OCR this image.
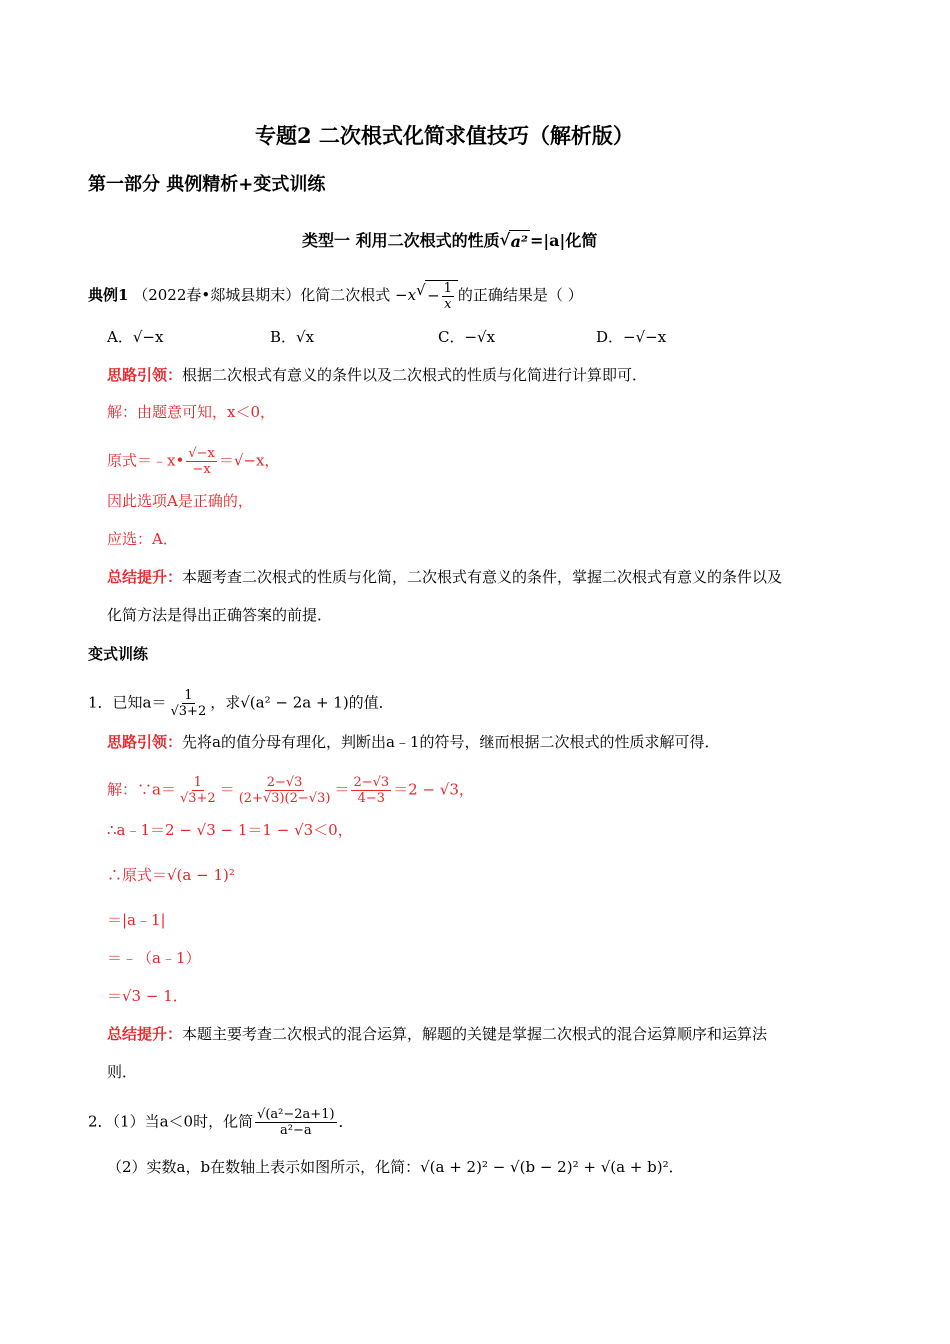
专题2 二次根式化简求值技巧（解析版）
第一部分 典例精析+变式训练
类型一 利用二次根式的性质√ a² =|a|化简
典例1 （2022春•郯城县期末）化简二次根式 $-x√ - \frac{1}{x}$ 的正确结果是（ ）
A．√−x	B．√x	C．−√x	D．−√−x
思路引领：根据二次根式有意义的条件以及二次根式的性质与化简进行计算即可．
解：由题意可知，x＜0，
原式＝﹣x• $\frac{√-x}{-x} =√-x$，
因此选项A是正确的，
应选：A．
总结提升：本题考查二次根式的性质与化简，二次根式有意义的条件，掌握二次根式有意义的条件以及
化简方法是得出正确答案的前提．
变式训练
1．已知$a= \frac{1}{√3+2}$ ，求√(a² − 2a + 1)的值．
思路引领：先将a的值分母有理化，判断出a﹣1的符号，继而根据二次根式的性质求解可得．
解：∵a＝ $\frac{1}{√3+2} = \frac{2-√3}{(2+√3)(2-√3)} = \frac{2-√3}{4-3} =2 - √3$，
∴a﹣1＝2 − √3 − 1＝1 − √3＜0，
∴原式＝√(a − 1)²
＝|a﹣1|
＝﹣（a﹣1）
＝√3 − 1．
总结提升：本题主要考查二次根式的混合运算，解题的关键是掌握二次根式的混合运算顺序和运算法
则．
2．（1）当a＜0时，化简 $\frac{\text{√(a²−2a+1)}}{\text{a²−a}}$ ．
（2）实数a，b在数轴上表示如图所示，化简：√(a + 2)² − √(b − 2)² + √(a + b)²．
